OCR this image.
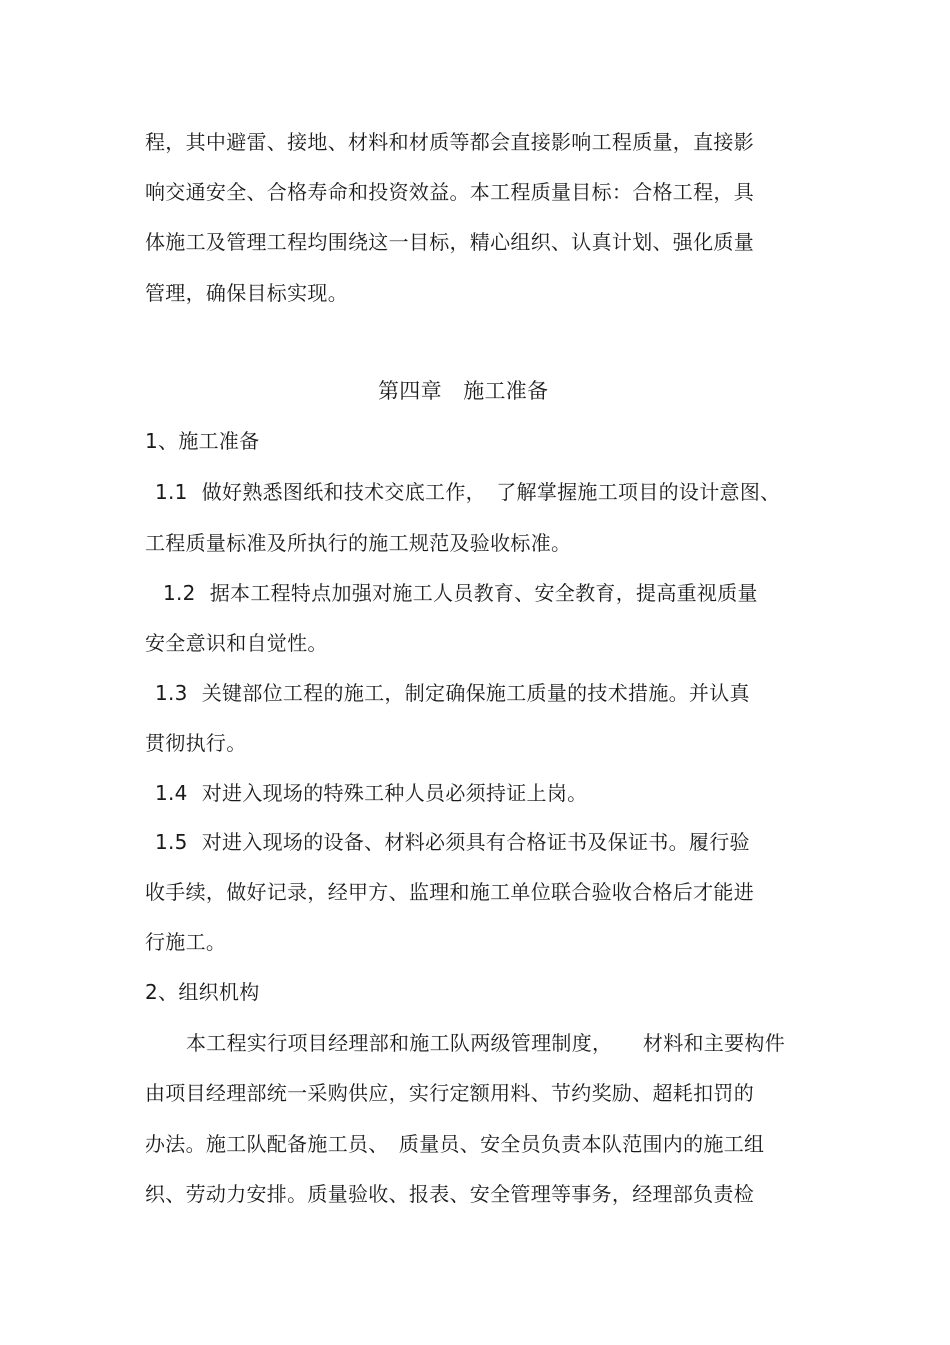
程，其中避雷、接地、材料和材质等都会直接影响工程质量，直接影
响交通安全、合格寿命和投资效益。本工程质量目标：合格工程，具
体施工及管理工程均围绕这一目标，精心组织、认真计划、强化质量
管理，确保目标实现。
第四章　施工准备
1、施工准备
1.1 做好熟悉图纸和技术交底工作，　了解掌握施工项目的设计意图、
工程质量标准及所执行的施工规范及验收标准。
1.2 据本工程特点加强对施工人员教育、安全教育，提高重视质量
安全意识和自觉性。
1.3 关键部位工程的施工，制定确保施工质量的技术措施。并认真
贯彻执行。
1.4 对进入现场的特殊工种人员必须持证上岗。
1.5 对进入现场的设备、材料必须具有合格证书及保证书。履行验
收手续，做好记录，经甲方、监理和施工单位联合验收合格后才能进
行施工。
2、组织机构
本工程实行项目经理部和施工队两级管理制度，　　材料和主要构件
由项目经理部统一采购供应，实行定额用料、节约奖励、超耗扣罚的
办法。施工队配备施工员、　质量员、安全员负责本队范围内的施工组
织、劳动力安排。质量验收、报表、安全管理等事务，经理部负责检
